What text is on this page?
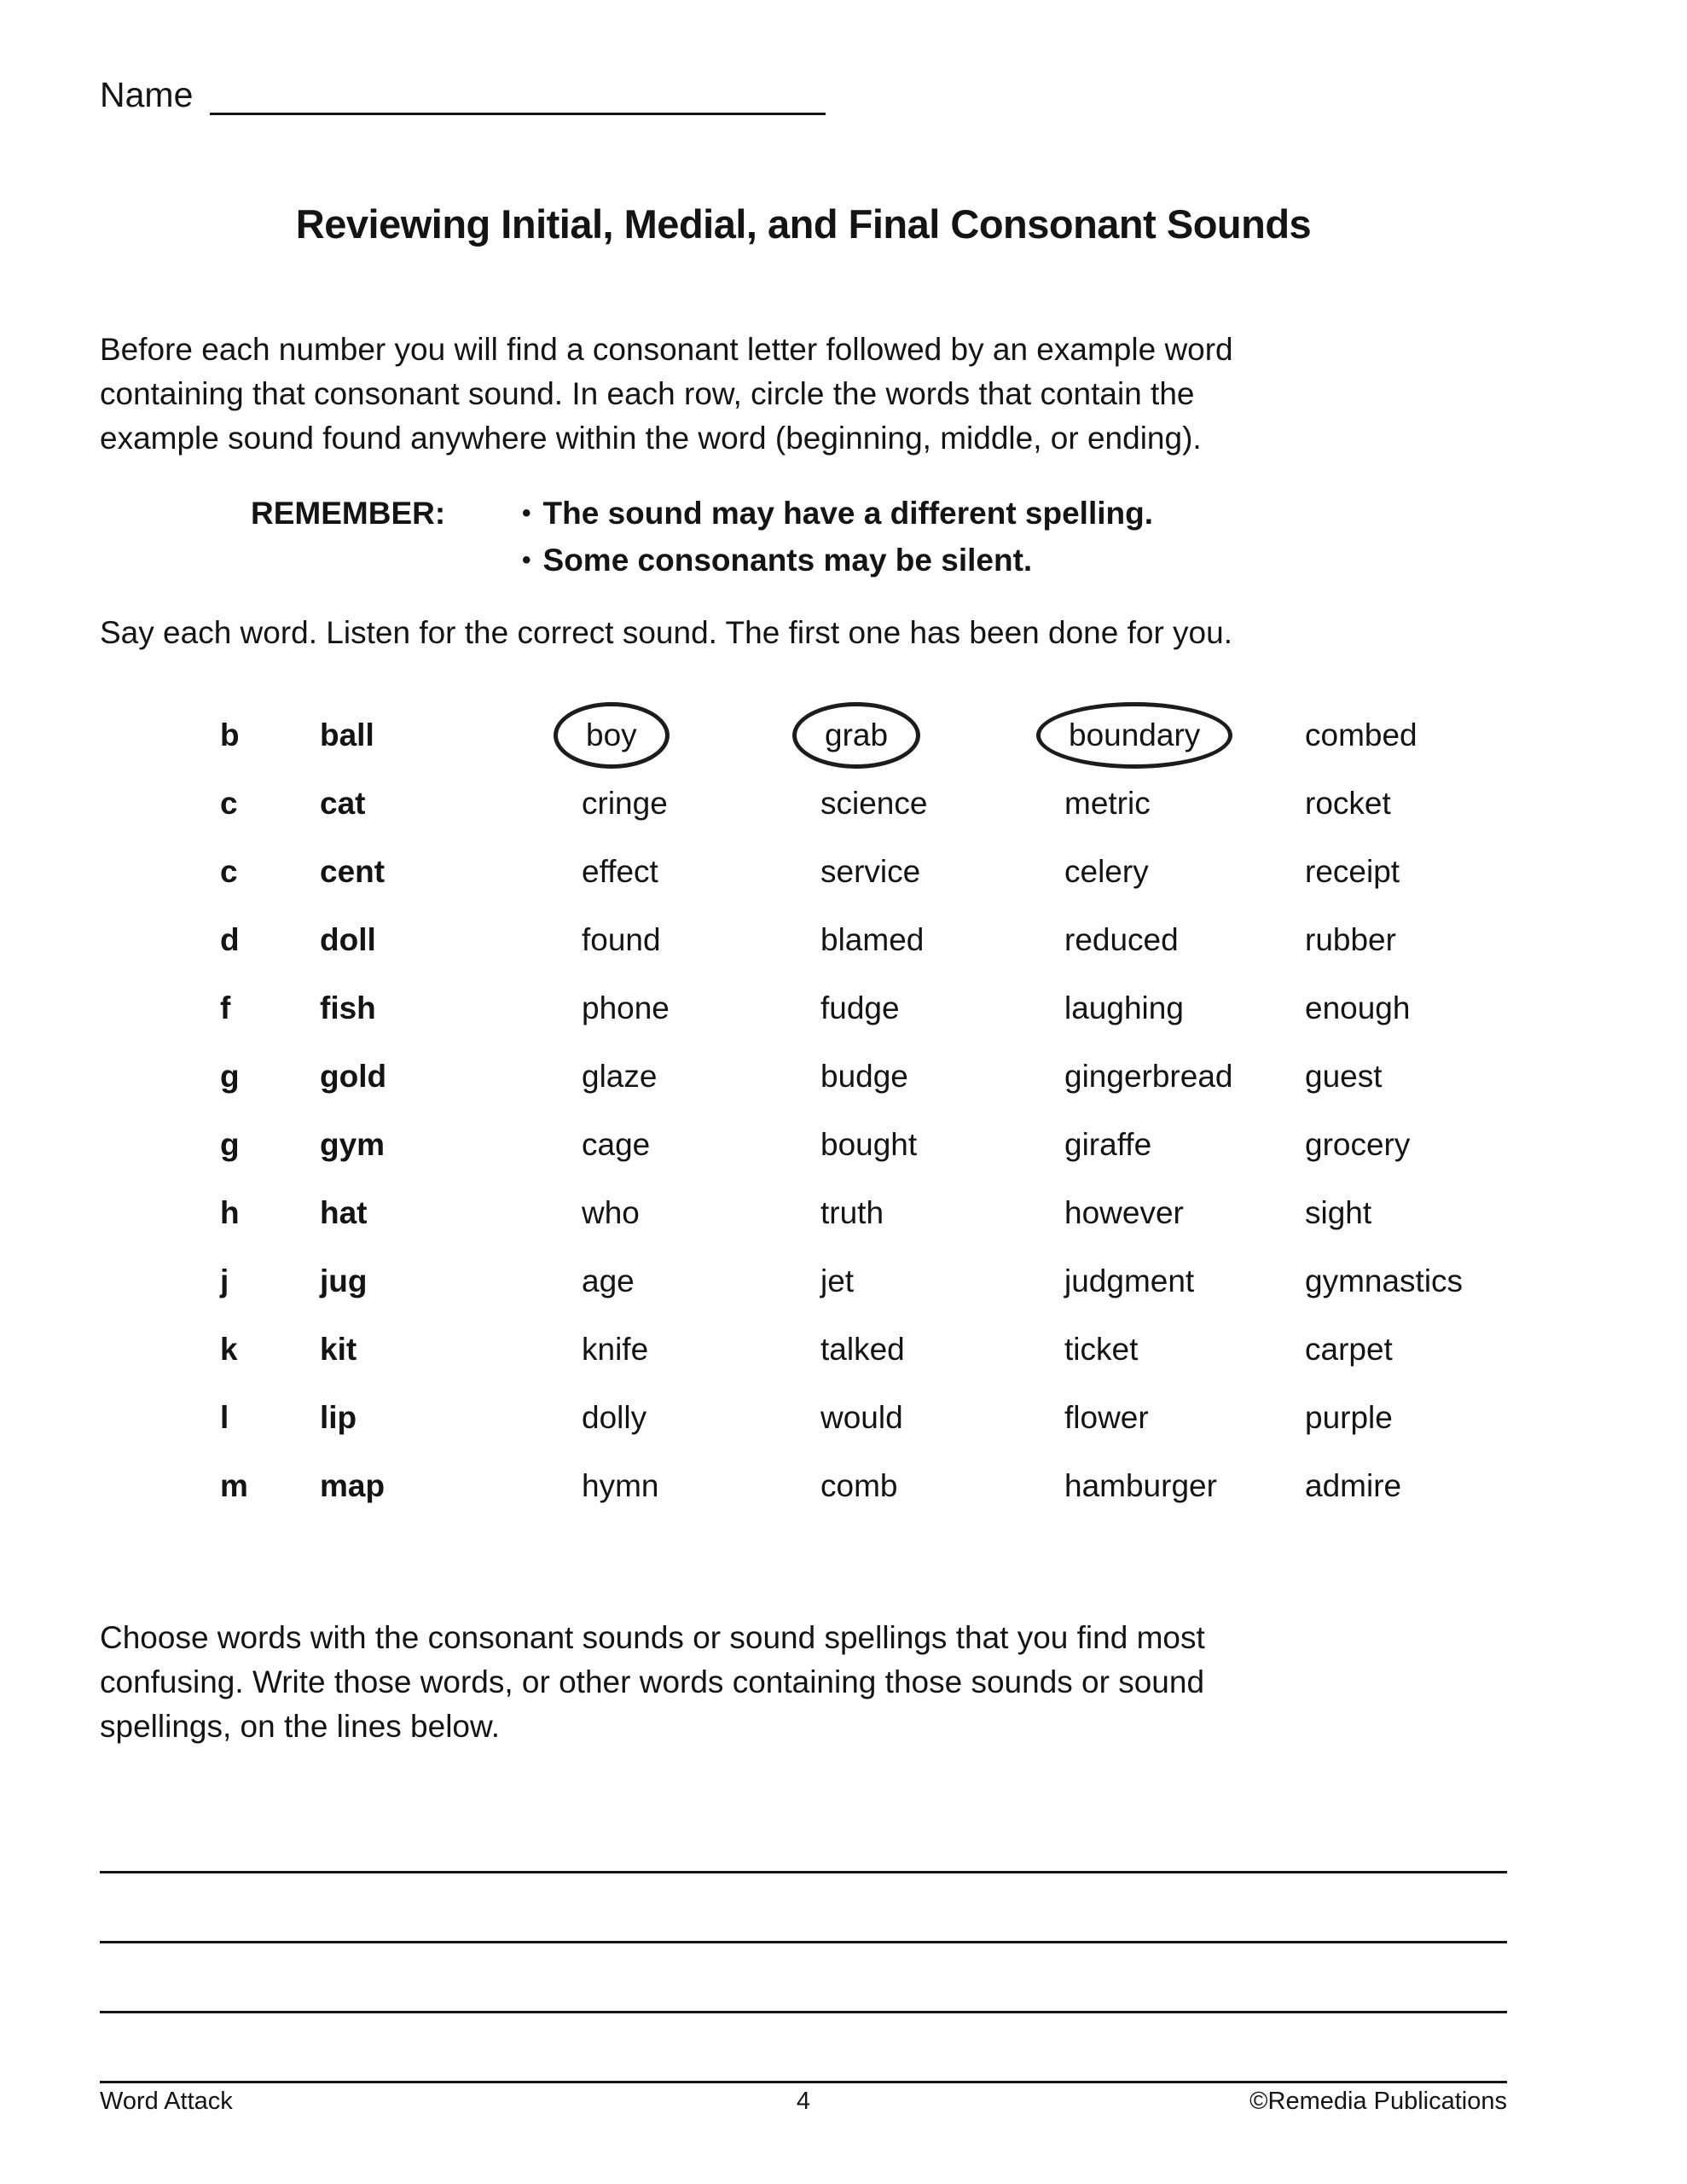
Name
Reviewing Initial, Medial, and Final Consonant Sounds
Before each number you will find a consonant letter followed by an example word
containing that consonant sound. In each row, circle the words that contain the
example sound found anywhere within the word (beginning, middle, or ending).
REMEMBER:	• The sound may have a different spelling.
• Some consonants may be silent.
Say each word. Listen for the correct sound. The first one has been done for you.
b	ball	boy	grab	boundary	combed
c	cat	cringe	science	metric	rocket
c	cent	effect	service	celery	receipt
d	doll	found	blamed	reduced	rubber
f	fish	phone	fudge	laughing	enough
g	gold	glaze	budge	gingerbread	guest
g	gym	cage	bought	giraffe	grocery
h	hat	who	truth	however	sight
j	jug	age	jet	judgment	gymnastics
k	kit	knife	talked	ticket	carpet
l	lip	dolly	would	flower	purple
m	map	hymn	comb	hamburger	admire
Choose words with the consonant sounds or sound spellings that you find most
confusing. Write those words, or other words containing those sounds or sound
spellings, on the lines below.
Word Attack	4	©Remedia Publications
